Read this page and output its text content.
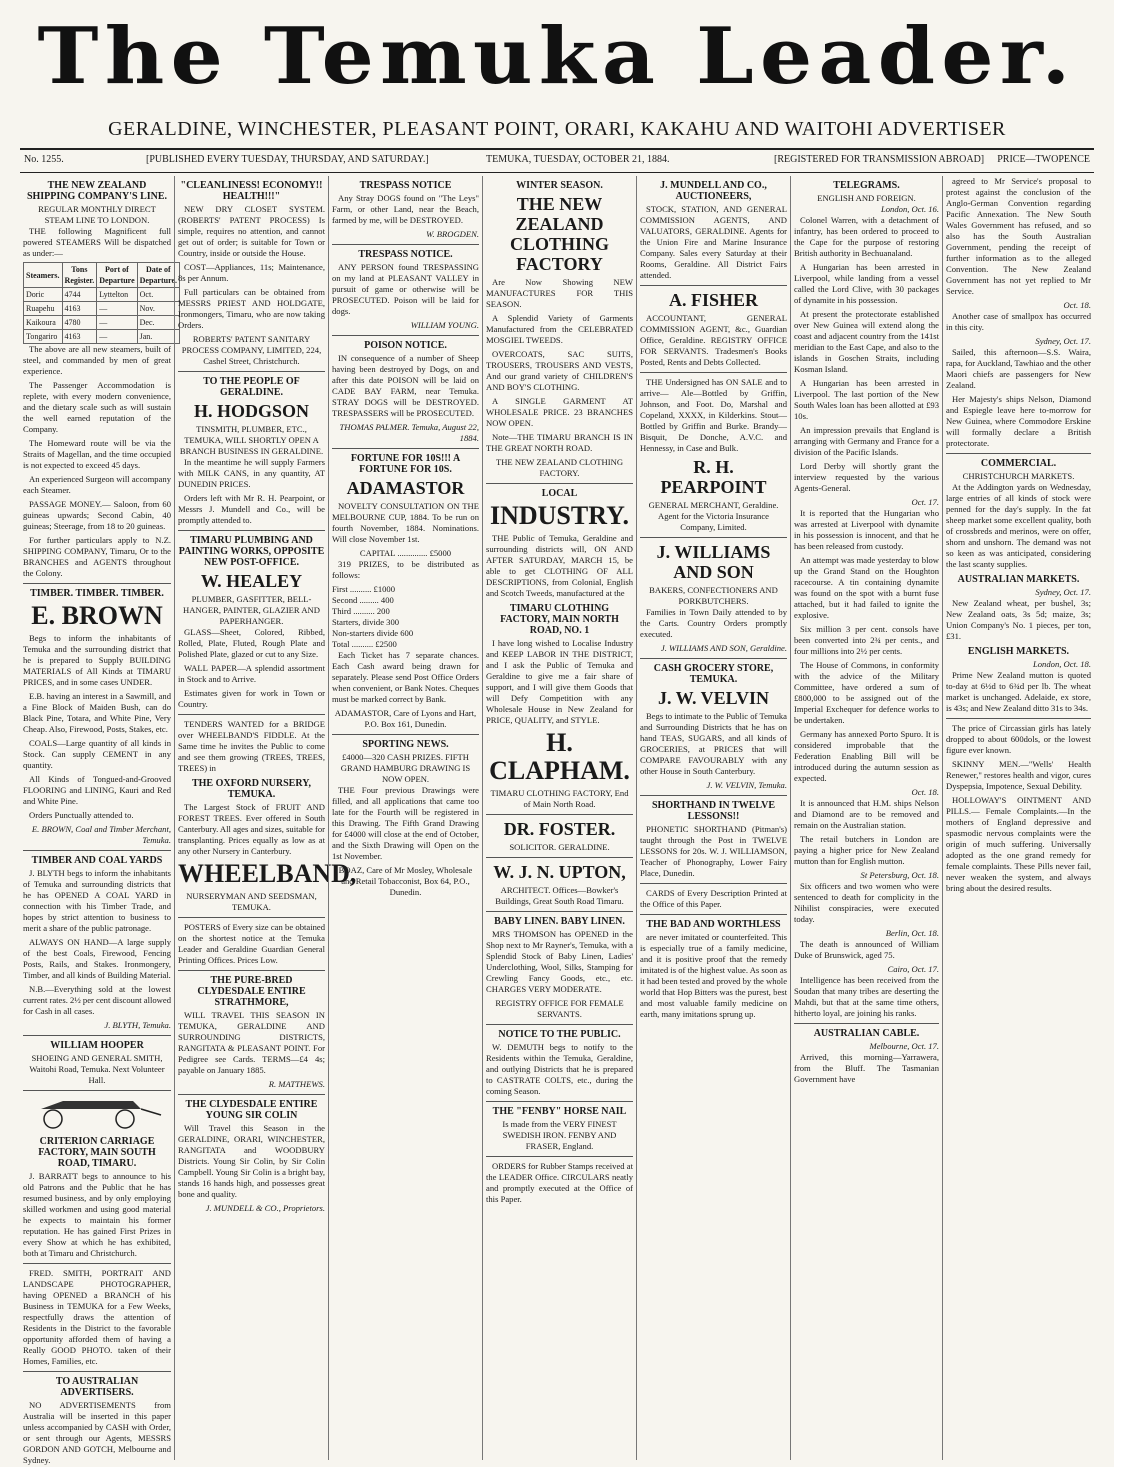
The Temuka Leader.
GERALDINE, WINCHESTER, PLEASANT POINT, ORARI, KAKAHU AND WAITOHI ADVERTISER
No. 1255.	[PUBLISHED EVERY TUESDAY, THURSDAY, AND SATURDAY.]	TEMUKA, TUESDAY, OCTOBER 21, 1884.	[REGISTERED FOR TRANSMISSION ABROAD] PRICE—TWOPENCE
THE NEW ZEALAND SHIPPING COMPANY'S LINE.
REGULAR MONTHLY DIRECT STEAM LINE TO LONDON.

THE following Magnificent full powered STEAMERS Will be dispatched as under:—

Steamers.	Tons Register.	Port of Departure	Date of Departure.
Doric	4744	Lyttelton	Oct.
Ruapehu	4163	—	Nov.
Kaikoura	4780	—	Dec.
Tongariro	4163	—	Jan.

The above are all new steamers, built of steel, and commanded by men of great experience.

The Passenger Accommodation is replete, with every modern convenience, and the dietary scale such as will sustain the well earned reputation of the Company.

The Homeward route will be via the Straits of Magellan, and the time occupied is not expected to exceed 45 days.

An experienced Surgeon will accompany each Steamer.

PASSAGE MONEY.— Saloon, from 60 guineas upwards; Second Cabin, 40 guineas; Steerage, from 18 to 20 guineas.

For further particulars apply to N.Z. SHIPPING COMPANY, Timaru, Or to the BRANCHES and AGENTS throughout the Colony.

TIMBER. TIMBER. TIMBER.
E. BROWN

Begs to inform the inhabitants of Temuka and the surrounding district that he is prepared to Supply BUILDING MATERIALS of All Kinds at TIMARU PRICES, and in some cases UNDER.

E.B. having an interest in a Sawmill, and a Fine Block of Maiden Bush, can do Black Pine, Totara, and White Pine, Very Cheap. Also, Firewood, Posts, Stakes, etc.

COALS—Large quantity of all kinds in Stock. Can supply CEMENT in any quantity.

All Kinds of Tongued-and-Grooved FLOORING and LINING, Kauri and Red and White Pine.

Orders Punctually attended to.

E. BROWN, Coal and Timber Merchant, Temuka.
TIMBER AND COAL YARDS

J. BLYTH begs to inform the inhabitants of Temuka and surrounding districts that he has OPENED A COAL YARD in connection with his Timber Trade, and hopes by strict attention to business to merit a share of the public patronage.

ALWAYS ON HAND—A large supply of the best Coals, Firewood, Fencing Posts, Rails, and Stakes. Ironmongery, Timber, and all kinds of Building Material.

N.B.—Everything sold at the lowest current rates. 2½ per cent discount allowed for Cash in all cases.

J. BLYTH, Temuka.
WILLIAM HOOPER
SHOEING AND GENERAL SMITH, Waitohi Road, Temuka. Next Volunteer Hall.
CRITERION CARRIAGE FACTORY, MAIN SOUTH ROAD, TIMARU.

J. BARRATT begs to announce to his old Patrons and the Public that he has resumed business, and by only employing skilled workmen and using good material he expects to maintain his former reputation. He has gained First Prizes in every Show at which he has exhibited, both at Timaru and Christchurch.

FRED. SMITH, PORTRAIT AND LANDSCAPE PHOTOGRAPHER, having OPENED a BRANCH of his Business in TEMUKA for a Few Weeks, respectfully draws the attention of Residents in the District to the favorable opportunity afforded them of having a Really GOOD PHOTO. taken of their Homes, Families, etc.

TO AUSTRALIAN ADVERTISERS.

NO ADVERTISEMENTS from Australia will be inserted in this paper unless accompanied by CASH with Order, or sent through our Agents, MESSRS GORDON AND GOTCH, Melbourne and Sydney.

"CLEANLINESS! ECONOMY!! HEALTH!!!"

NEW DRY CLOSET SYSTEM. (ROBERTS' PATENT PROCESS) Is simple, requires no attention, and cannot get out of order; is suitable for Town or Country, inside or outside the House.

COST—Appliances, 11s; Maintenance, 8s per Annum.

Full particulars can be obtained from MESSRS PRIEST AND HOLDGATE, Ironmongers, Timaru, who are now taking Orders.

ROBERTS' PATENT SANITARY PROCESS COMPANY, LIMITED, 224, Cashel Street, Christchurch.
TO THE PEOPLE OF GERALDINE.
H. HODGSON
TINSMITH, PLUMBER, ETC., TEMUKA, WILL SHORTLY OPEN A BRANCH BUSINESS IN GERALDINE.

In the meantime he will supply Farmers with MILK CANS, in any quantity, AT DUNEDIN PRICES.

Orders left with Mr R. H. Pearpoint, or Messrs J. Mundell and Co., will be promptly attended to.

TIMARU PLUMBING AND PAINTING WORKS, OPPOSITE NEW POST-OFFICE.
W. HEALEY
PLUMBER, GASFITTER, BELL-HANGER, PAINTER, GLAZIER AND PAPERHANGER.

GLASS—Sheet, Colored, Ribbed, Rolled, Plate, Fluted, Rough Plate and Polished Plate, glazed or cut to any Size.

WALL PAPER—A splendid assortment in Stock and to Arrive.

Estimates given for work in Town or Country.

TENDERS WANTED for a BRIDGE over WHEELBAND'S FIDDLE. At the Same time he invites the Public to come and see them growing (TREES, TREES, TREES) in

THE OXFORD NURSERY, TEMUKA.

The Largest Stock of FRUIT AND FOREST TREES. Ever offered in South Canterbury. All ages and sizes, suitable for transplanting. Prices equally as low as at any other Nursery in Canterbury.

WHEELBAND,
NURSERYMAN AND SEEDSMAN, TEMUKA.

POSTERS of Every size can be obtained on the shortest notice at the Temuka Leader and Geraldine Guardian General Printing Offices. Prices Low.

THE PURE-BRED CLYDESDALE ENTIRE STRATHMORE,

WILL TRAVEL THIS SEASON IN TEMUKA, GERALDINE AND SURROUNDING DISTRICTS, RANGITATA & PLEASANT POINT. For Pedigree see Cards. TERMS—£4 4s; payable on January 1885.

R. MATTHEWS.
THE CLYDESDALE ENTIRE YOUNG SIR COLIN

Will Travel this Season in the GERALDINE, ORARI, WINCHESTER, RANGITATA and WOODBURY Districts. Young Sir Colin, by Sir Colin Campbell. Young Sir Colin is a bright bay, stands 16 hands high, and possesses great bone and quality.

J. MUNDELL & CO., Proprietors.
TRESPASS NOTICE

Any Stray DOGS found on "The Leys" Farm, or other Land, near the Beach, farmed by me, will be DESTROYED.

W. BROGDEN.
TRESPASS NOTICE.

ANY PERSON found TRESPASSING on my land at PLEASANT VALLEY in pursuit of game or otherwise will be PROSECUTED. Poison will be laid for dogs.

WILLIAM YOUNG.
POISON NOTICE.

IN consequence of a number of Sheep having been destroyed by Dogs, on and after this date POISON will be laid on CADE BAY FARM, near Temuka. STRAY DOGS will be DESTROYED. TRESPASSERS will be PROSECUTED.

THOMAS PALMER. Temuka, August 22, 1884.
FORTUNE FOR 10S!!! A FORTUNE FOR 10S.
ADAMASTOR

NOVELTY CONSULTATION ON THE MELBOURNE CUP, 1884. To be run on fourth November, 1884. Nominations. Will close November 1st.

CAPITAL .............. £5000

319 PRIZES, to be distributed as follows:

First .......... £1000
Second ......... 400
Third .......... 200
Starters, divide 300
Non-starters divide 600
Total .......... £2500

Each Ticket has 7 separate chances. Each Cash award being drawn for separately. Please send Post Office Orders when convenient, or Bank Notes. Cheques must be marked correct by Bank.

ADAMASTOR, Care of Lyons and Hart, P.O. Box 161, Dunedin.
SPORTING NEWS.
£4000—320 CASH PRIZES. FIFTH GRAND HAMBURG DRAWING IS NOW OPEN.

THE Four previous Drawings were filled, and all applications that came too late for the Fourth will be registered in this Drawing. The Fifth Grand Drawing for £4000 will close at the end of October, and the Sixth Drawing will Open on the 1st November.

BOAZ, Care of Mr Mosley, Wholesale and Retail Tobacconist, Box 64, P.O., Dunedin.
WINTER SEASON.
THE NEW ZEALAND CLOTHING FACTORY

Are Now Showing NEW MANUFACTURES FOR THIS SEASON.

A Splendid Variety of Garments Manufactured from the CELEBRATED MOSGIEL TWEEDS.

OVERCOATS, SAC SUITS, TROUSERS, TROUSERS AND VESTS, And our grand variety of CHILDREN'S AND BOY'S CLOTHING.

A SINGLE GARMENT AT WHOLESALE PRICE. 23 BRANCHES NOW OPEN.

Note—THE TIMARU BRANCH IS IN THE GREAT NORTH ROAD.

THE NEW ZEALAND CLOTHING FACTORY.
LOCAL
INDUSTRY.

THE Public of Temuka, Geraldine and surrounding districts will, ON AND AFTER SATURDAY, MARCH 15, be able to get CLOTHING OF ALL DESCRIPTIONS, from Colonial, English and Scotch Tweeds, manufactured at the

TIMARU CLOTHING FACTORY, MAIN NORTH ROAD, NO. 1

I have long wished to Localise Industry and KEEP LABOR IN THE DISTRICT, and I ask the Public of Temuka and Geraldine to give me a fair share of support, and I will give them Goods that will Defy Competition with any Wholesale House in New Zealand for PRICE, QUALITY, and STYLE.

H. CLAPHAM.
TIMARU CLOTHING FACTORY, End of Main North Road.
DR. FOSTER.
SOLICITOR. GERALDINE.
W. J. N. UPTON,
ARCHITECT. Offices—Bowker's Buildings, Great South Road Timaru.
BABY LINEN. BABY LINEN.

MRS THOMSON has OPENED in the Shop next to Mr Rayner's, Temuka, with a Splendid Stock of Baby Linen, Ladies' Underclothing, Wool, Silks, Stamping for Crewling Fancy Goods, etc., etc. CHARGES VERY MODERATE.

REGISTRY OFFICE FOR FEMALE SERVANTS.
NOTICE TO THE PUBLIC.

W. DEMUTH begs to notify to the Residents within the Temuka, Geraldine, and outlying Districts that he is prepared to CASTRATE COLTS, etc., during the coming Season.

THE "FENBY" HORSE NAIL
Is made from the VERY FINEST SWEDISH IRON. FENBY AND FRASER, England.

ORDERS for Rubber Stamps received at the LEADER Office. CIRCULARS neatly and promptly executed at the Office of this Paper.

J. MUNDELL AND CO., AUCTIONEERS,

STOCK, STATION, AND GENERAL COMMISSION AGENTS, AND VALUATORS, GERALDINE. Agents for the Union Fire and Marine Insurance Company. Sales every Saturday at their Rooms, Geraldine. All District Fairs attended.

A. FISHER

ACCOUNTANT, GENERAL COMMISSION AGENT, &c., Guardian Office, Geraldine. REGISTRY OFFICE FOR SERVANTS. Tradesmen's Books Posted, Rents and Debts Collected.

THE Undersigned has ON SALE and to arrive— Ale—Bottled by Griffin, Johnson, and Foot. Do, Marshal and Copeland, XXXX, in Kilderkins. Stout—Bottled by Griffin and Burke. Brandy—Bisquit, De Donche, A.V.C. and Hennessy, in Case and Bulk.

R. H. PEARPOINT
GENERAL MERCHANT, Geraldine. Agent for the Victoria Insurance Company, Limited.
J. WILLIAMS AND SON
BAKERS, CONFECTIONERS AND PORKBUTCHERS.

Families in Town Daily attended to by the Carts. Country Orders promptly executed.

J. WILLIAMS AND SON, Geraldine.
CASH GROCERY STORE, TEMUKA.
J. W. VELVIN

Begs to intimate to the Public of Temuka and Surrounding Districts that he has on hand TEAS, SUGARS, and all kinds of GROCERIES, at PRICES that will COMPARE FAVOURABLY with any other House in South Canterbury.

J. W. VELVIN, Temuka.
SHORTHAND IN TWELVE LESSONS!!

PHONETIC SHORTHAND (Pitman's) taught through the Post in TWELVE LESSONS for 20s. W. J. WILLIAMSON, Teacher of Phonography, Lower Fairy Place, Dunedin.

CARDS of Every Description Printed at the Office of this Paper.

THE BAD AND WORTHLESS

are never imitated or counterfeited. This is especially true of a family medicine, and it is positive proof that the remedy imitated is of the highest value. As soon as it had been tested and proved by the whole world that Hop Bitters was the purest, best and most valuable family medicine on earth, many imitations sprung up.

TELEGRAMS.
ENGLISH AND FOREIGN.
London, Oct. 16.

Colonel Warren, with a detachment of infantry, has been ordered to proceed to the Cape for the purpose of restoring British authority in Bechuanaland.

A Hungarian has been arrested in Liverpool, while landing from a vessel called the Lord Clive, with 30 packages of dynamite in his possession.

At present the protectorate established over New Guinea will extend along the coast and adjacent country from the 141st meridian to the East Cape, and also to the islands in Goschen Straits, including Kosman Island.

A Hungarian has been arrested in Liverpool. The last portion of the New South Wales loan has been allotted at £93 10s.

An impression prevails that England is arranging with Germany and France for a division of the Pacific Islands.

Lord Derby will shortly grant the interview requested by the various Agents-General.

Oct. 17.

It is reported that the Hungarian who was arrested at Liverpool with dynamite in his possession is innocent, and that he has been released from custody.

An attempt was made yesterday to blow up the Grand Stand on the Houghton racecourse. A tin containing dynamite was found on the spot with a burnt fuse attached, but it had failed to ignite the explosive.

Six million 3 per cent. consols have been converted into 2¾ per cents., and four millions into 2½ per cents.

The House of Commons, in conformity with the advice of the Military Committee, have ordered a sum of £800,000 to be assigned out of the Imperial Exchequer for defence works to be undertaken.

Germany has annexed Porto Spuro. It is considered improbable that the Federation Enabling Bill will be introduced during the autumn session as expected.

Oct. 18.

It is announced that H.M. ships Nelson and Diamond are to be removed and remain on the Australian station.

The retail butchers in London are paying a higher price for New Zealand mutton than for English mutton.

St Petersburg, Oct. 18.

Six officers and two women who were sentenced to death for complicity in the Nihilist conspiracies, were executed today.

Berlin, Oct. 18.

The death is announced of William Duke of Brunswick, aged 75.

Cairo, Oct. 17.

Intelligence has been received from the Soudan that many tribes are deserting the Mahdi, but that at the same time others, hitherto loyal, are joining his ranks.

AUSTRALIAN CABLE.
Melbourne, Oct. 17.

Arrived, this morning—Yarrawera, from the Bluff. The Tasmanian Government have

agreed to Mr Service's proposal to protest against the conclusion of the Anglo-German Convention regarding Pacific Annexation. The New South Wales Government has refused, and so also has the South Australian Government, pending the receipt of further information as to the alleged Convention. The New Zealand Government has not yet replied to Mr Service.

Oct. 18.

Another case of smallpox has occurred in this city.

Sydney, Oct. 17.

Sailed, this afternoon—S.S. Waira, rapa, for Auckland, Tawhiao and the other Maori chiefs are passengers for New Zealand.

Her Majesty's ships Nelson, Diamond and Espiegle leave here to-morrow for New Guinea, where Commodore Erskine will formally declare a British protectorate.

COMMERCIAL.
CHRISTCHURCH MARKETS.

At the Addington yards on Wednesday, large entries of all kinds of stock were penned for the day's supply. In the fat sheep market some excellent quality, both of crossbreds and merinos, were on offer, shorn and unshorn. The demand was not so keen as was anticipated, considering the last scanty supplies.

AUSTRALIAN MARKETS.
Sydney, Oct. 17.

New Zealand wheat, per bushel, 3s; New Zealand oats, 3s 5d; maize, 3s; Union Company's No. 1 pieces, per ton, £31.

ENGLISH MARKETS.
London, Oct. 18.

Prime New Zealand mutton is quoted to-day at 6½d to 6¾d per lb. The wheat market is unchanged. Adelaide, ex store, is 43s; and New Zealand ditto 31s to 34s.

The price of Circassian girls has lately dropped to about 600dols, or the lowest figure ever known.

SKINNY MEN.—"Wells' Health Renewer," restores health and vigor, cures Dyspepsia, Impotence, Sexual Debility.

HOLLOWAY'S OINTMENT AND PILLS.— Female Complaints.—In the mothers of England depressive and spasmodic nervous complaints were the origin of much suffering. Universally adopted as the one grand remedy for female complaints. These Pills never fail, never weaken the system, and always bring about the desired results.
